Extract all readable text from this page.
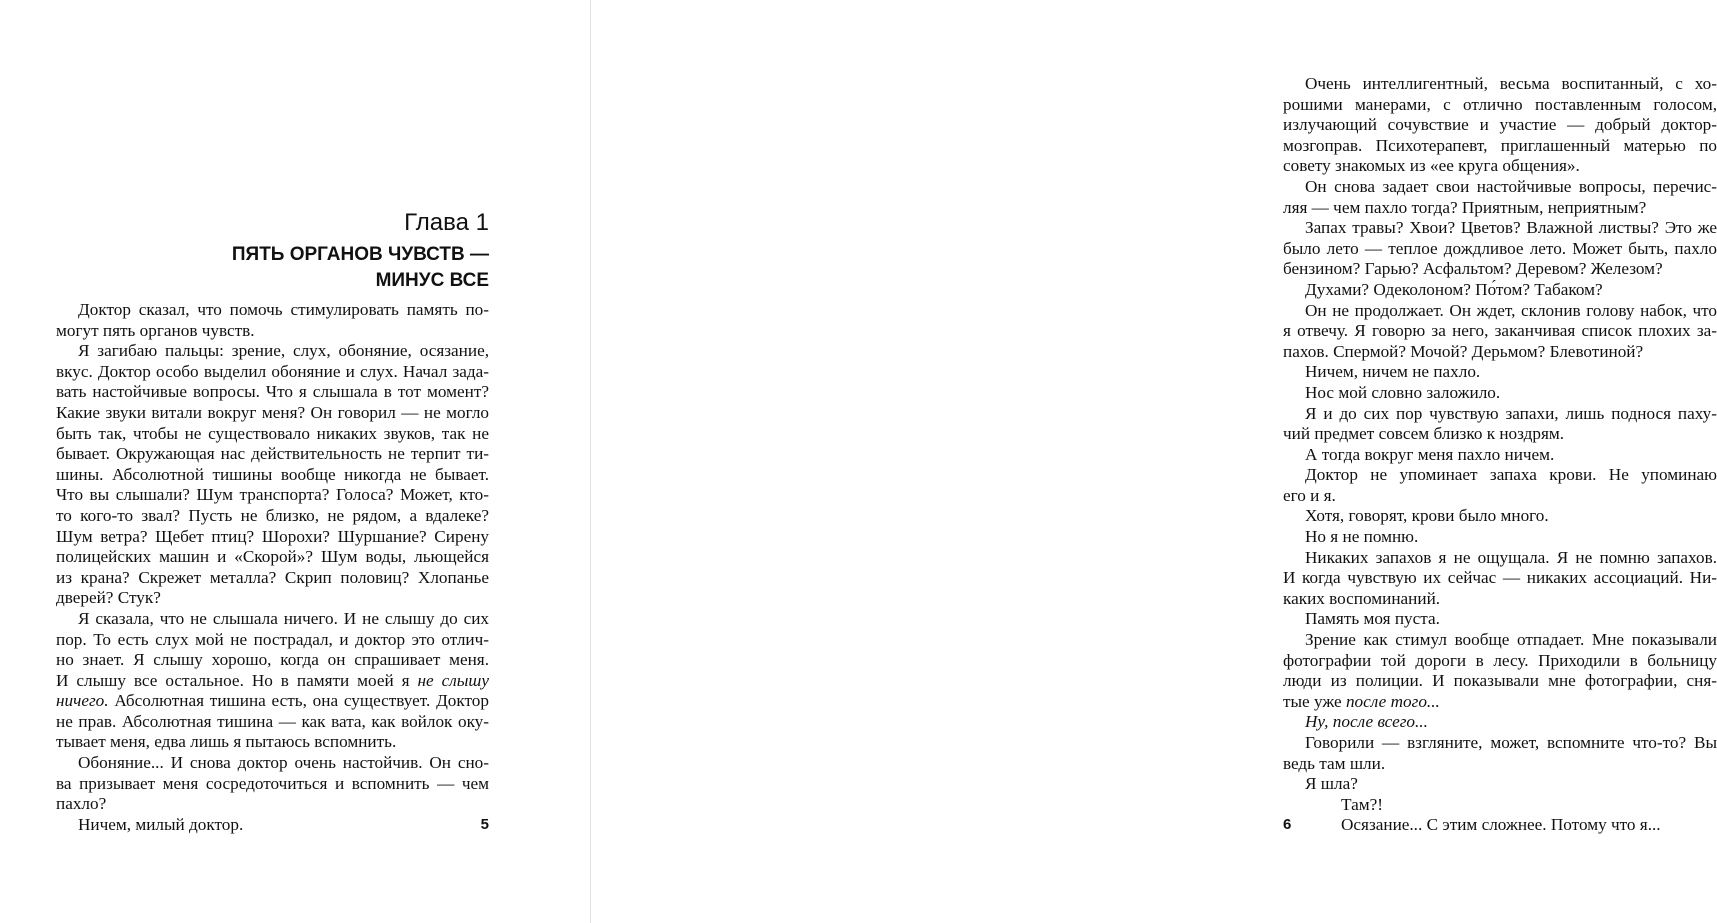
Глава 1
ПЯТЬ ОРГАНОВ ЧУВСТВ —
МИНУС ВСЕ
Доктор сказал, что помочь стимулировать память по-
могут пять органов чувств.
Я загибаю пальцы: зрение, слух, обоняние, осязание,
вкус. Доктор особо выделил обоняние и слух. Начал зада-
вать настойчивые вопросы. Что я слышала в тот момент?
Какие звуки витали вокруг меня? Он говорил — не могло
быть так, чтобы не существовало никаких звуков, так не
бывает. Окружающая нас действительность не терпит ти-
шины. Абсолютной тишины вообще никогда не бывает.
Что вы слышали? Шум транспорта? Голоса? Может, кто-
то кого-то звал? Пусть не близко, не рядом, а вдалеке?
Шум ветра? Щебет птиц? Шорохи? Шуршание? Сирену
полицейских машин и «Скорой»? Шум воды, льющейся
из крана? Скрежет металла? Скрип половиц? Хлопанье
дверей? Стук?
Я сказала, что не слышала ничего. И не слышу до сих
пор. То есть слух мой не пострадал, и доктор это отлич-
но знает. Я слышу хорошо, когда он спрашивает меня.
И слышу все остальное. Но в памяти моей я не слышу
ничего. Абсолютная тишина есть, она существует. Доктор
не прав. Абсолютная тишина — как вата, как войлок оку-
тывает меня, едва лишь я пытаюсь вспомнить.
Обоняние... И снова доктор очень настойчив. Он сно-
ва призывает меня сосредоточиться и вспомнить — чем
пахло?
Ничем, милый доктор.	5
Очень интеллигентный, весьма воспитанный, с хо-
рошими манерами, с отлично поставленным голосом,
излучающий сочувствие и участие — добрый доктор-
мозгоправ. Психотерапевт, приглашенный матерью по
совету знакомых из «ее круга общения».
Он снова задает свои настойчивые вопросы, перечис-
ляя — чем пахло тогда? Приятным, неприятным?
Запах травы? Хвои? Цветов? Влажной листвы? Это же
было лето — теплое дождливое лето. Может быть, пахло
бензином? Гарью? Асфальтом? Деревом? Железом?
Духами? Одеколоном? По́том? Табаком?
Он не продолжает. Он ждет, склонив голову набок, что
я отвечу. Я говорю за него, заканчивая список плохих за-
пахов. Спермой? Мочой? Дерьмом? Блевотиной?
Ничем, ничем не пахло.
Нос мой словно заложило.
Я и до сих пор чувствую запахи, лишь поднося паху-
чий предмет совсем близко к ноздрям.
А тогда вокруг меня пахло ничем.
Доктор не упоминает запаха крови. Не упоминаю
его и я.
Хотя, говорят, крови было много.
Но я не помню.
Никаких запахов я не ощущала. Я не помню запахов.
И когда чувствую их сейчас — никаких ассоциаций. Ни-
каких воспоминаний.
Память моя пуста.
Зрение как стимул вообще отпадает. Мне показывали
фотографии той дороги в лесу. Приходили в больницу
люди из полиции. И показывали мне фотографии, сня-
тые уже после того...
Ну, после всего...
Говорили — взгляните, может, вспомните что-то? Вы
ведь там шли.
Я шла?
Там?!
Осязание... С этим сложнее. Потому что я...
6
